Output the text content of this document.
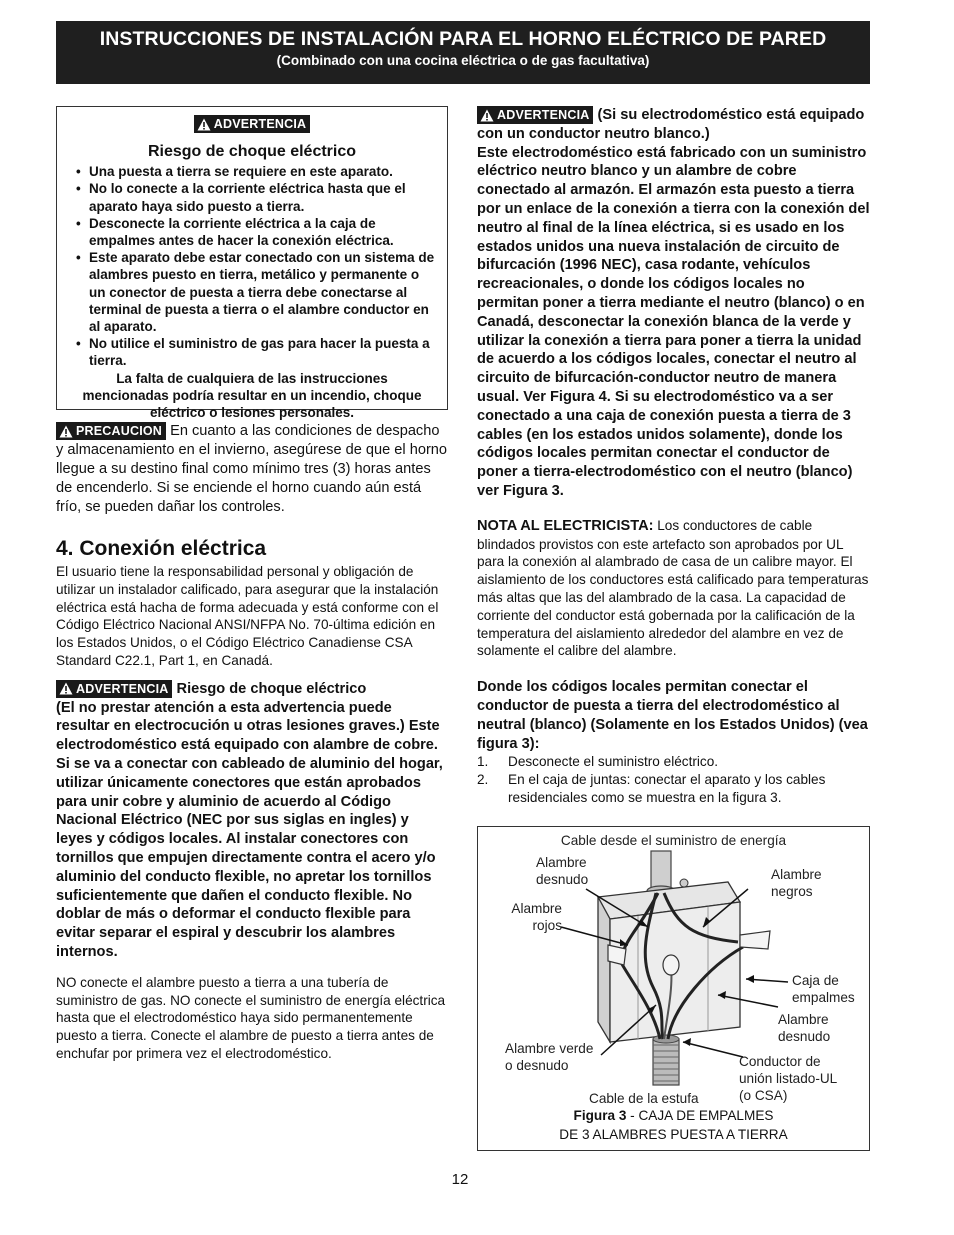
INSTRUCCIONES DE INSTALACIÓN PARA EL HORNO ELÉCTRICO DE PARED
(Combinado con una cocina eléctrica o de gas facultativa)
ADVERTENCIA
Riesgo de choque eléctrico
• Una puesta a tierra se requiere en este aparato.
• No lo conecte a la corriente eléctrica hasta que el aparato haya sido puesto a tierra.
• Desconecte la corriente eléctrica a la caja de empalmes antes de hacer la conexión eléctrica.
• Este aparato debe estar conectado con un sistema de alambres puesto en tierra, metálico y permanente o un conector de puesta a tierra debe conectarse al terminal de puesta a tierra o el alambre conductor en al aparato.
• No utilice el suministro de gas para hacer la puesta a tierra.
La falta de cualquiera de las instrucciones mencionadas podría resultar en un incendio, choque eléctrico o lesiones personales.

PRECAUCION En cuanto a las condiciones de despacho y almacenamiento en el invierno, asegúrese de que el horno llegue a su destino final como mínimo tres (3) horas antes de encenderlo. Si se enciende el horno cuando aún está frío, se pueden dañar los controles.

4. Conexión eléctrica

El usuario tiene la responsabilidad personal y obligación de utilizar un instalador calificado, para asegurar que la instalación eléctrica está hacha de forma adecuada y está conforme con el Código Eléctrico Nacional ANSI/NFPA No. 70-última edición en los Estados Unidos, o el Código Eléctrico Canadiense CSA Standard C22.1, Part 1, en Canadá.

ADVERTENCIA Riesgo de choque eléctrico
(El no prestar atención a esta advertencia puede resultar en electrocución u otras lesiones graves.) Este electrodoméstico está equipado con alambre de cobre. Si se va a conectar con cableado de aluminio del hogar, utilizar únicamente conectores que están aprobados para unir cobre y aluminio de acuerdo al Código Nacional Eléctrico (NEC por sus siglas en ingles) y leyes y códigos locales. Al instalar conectores con tornillos que empujen directamente contra el acero y/o aluminio del conducto flexible, no apretar los tornillos suficientemente que dañen el conducto flexible. No doblar de más o deformar el conducto flexible para evitar separar el espiral y descubrir los alambres internos.

NO conecte el alambre puesto a tierra a una tubería de suministro de gas. NO conecte el suministro de energía eléctrica hasta que el electrodoméstico haya sido permanentemente puesto a tierra. Conecte el alambre de puesto a tierra antes de enchufar por primera vez el electrodoméstico.

ADVERTENCIA (Si su electrodoméstico está equipado con un conductor neutro blanco.)
Este electrodoméstico está fabricado con un suministro eléctrico neutro blanco y un alambre de cobre conectado al armazón. El armazón esta puesto a tierra por un enlace de la conexión a tierra con la conexión del neutro al final de la línea eléctrica, si es usado en los estados unidos una nueva instalación de circuito de bifurcación (1996 NEC), casa rodante, vehículos recreacionales, o donde los códigos locales no permitan poner a tierra mediante el neutro (blanco) o en Canadá, desconectar la conexión blanca de la verde y utilizar la conexión a tierra para poner a tierra la unidad de acuerdo a los códigos locales, conectar el neutro al circuito de bifurcación-conductor neutro de manera usual. Ver Figura 4. Si su electrodoméstico va a ser conectado a una caja de conexión puesta a tierra de 3 cables (en los estados unidos solamente), donde los códigos locales permitan conectar el conductor de poner a tierra-electrodoméstico con el neutro (blanco) ver Figura 3.

NOTA AL ELECTRICISTA: Los conductores de cable blindados provistos con este artefacto son aprobados por UL para la conexión al alambrado de casa de un calibre mayor. El aislamiento de los conductores está calificado para temperaturas más altas que las del alambrado de la casa. La capacidad de corriente del conductor está gobernada por la calificación de la temperatura del aislamiento alrededor del alambre en vez de solamente el calibre del alambre.

Donde los códigos locales permitan conectar el conductor de puesta a tierra del electrodoméstico al neutral (blanco) (Solamente en los Estados Unidos) (vea figura 3):

1. Desconecte el suministro eléctrico.
2. En el caja de juntas: conectar el aparato y los cables residenciales como se muestra en la figura 3.
Cable desde el suministro de energía
Alambre
desnudo	Alambre
negros
Alambre
rojos
Caja de
empalmes
Alambre
desnudo
Alambre verde
o desnudo	Conductor de
unión listado-UL
(o CSA)
Cable de la estufa
Figura 3 - CAJA DE EMPALMES
DE 3 ALAMBRES PUESTA A TIERRA
12
